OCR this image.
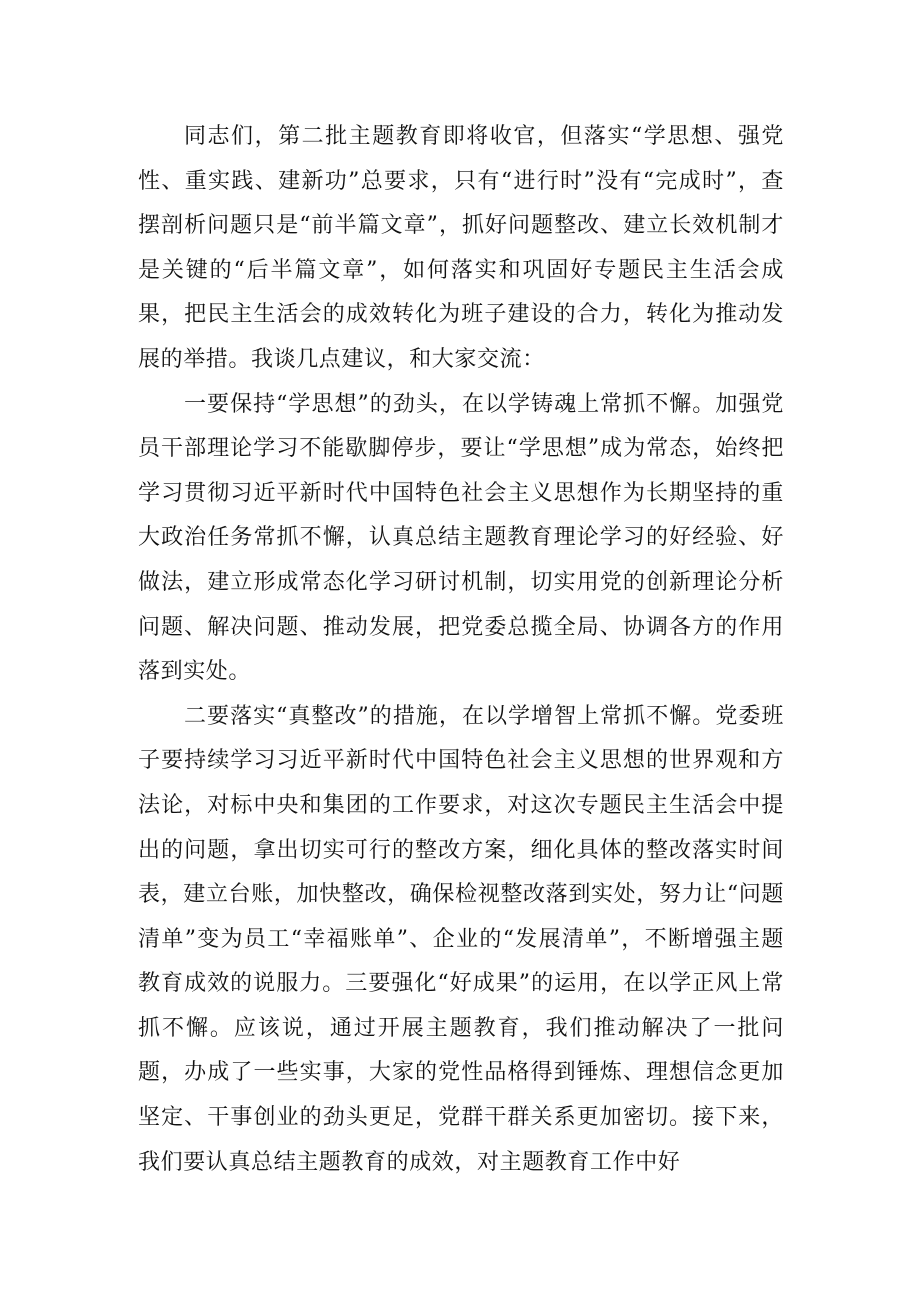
同志们，第二批主题教育即将收官，但落实“学思想、强党性、重实践、建新功”总要求，只有“进行时”没有“完成时”，查摆剖析问题只是“前半篇文章”，抓好问题整改、建立长效机制才是关键的“后半篇文章”，如何落实和巩固好专题民主生活会成果，把民主生活会的成效转化为班子建设的合力，转化为推动发展的举措。我谈几点建议，和大家交流：

一要保持“学思想”的劲头，在以学铸魂上常抓不懈。加强党员干部理论学习不能歇脚停步，要让“学思想”成为常态，始终把学习贯彻习近平新时代中国特色社会主义思想作为长期坚持的重大政治任务常抓不懈，认真总结主题教育理论学习的好经验、好做法，建立形成常态化学习研讨机制，切实用党的创新理论分析问题、解决问题、推动发展，把党委总揽全局、协调各方的作用落到实处。

二要落实“真整改”的措施，在以学增智上常抓不懈。党委班子要持续学习习近平新时代中国特色社会主义思想的世界观和方法论，对标中央和集团的工作要求，对这次专题民主生活会中提出的问题，拿出切实可行的整改方案，细化具体的整改落实时间表，建立台账，加快整改，确保检视整改落到实处，努力让“问题清单”变为员工“幸福账单”、企业的“发展清单”，不断增强主题教育成效的说服力。三要强化“好成果”的运用，在以学正风上常抓不懈。应该说，通过开展主题教育，我们推动解决了一批问题，办成了一些实事，大家的党性品格得到锤炼、理想信念更加坚定、干事创业的劲头更足，党群干群关系更加密切。接下来，我们要认真总结主题教育的成效，对主题教育工作中好
